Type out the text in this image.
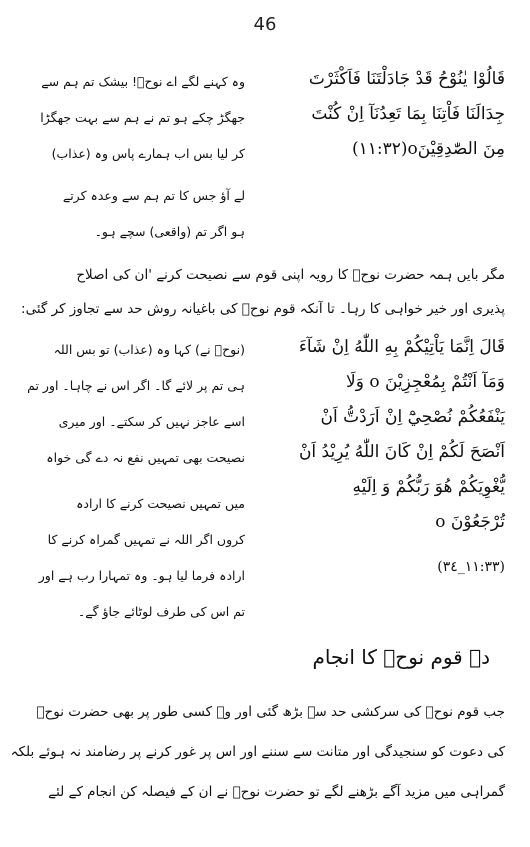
46
قَالُوْا يٰنُوْحُ قَدْ جَادَلْتَنَا فَاَكْثَرْتَ
جِدَالَنَا فَاْتِنَا بِمَا تَعِدُنَآ اِنْ كُنْتَ
مِنَ الصّٰدِقِيْنَo(١١:٣٢)
وہ کہنے لگے اے نوحؑ! بیشک تم ہم سے
جھگڑ چکے ہو تم نے ہم سے بہت جھگڑا
کر لیا بس اب ہمارے پاس وہ (عذاب)
لے آؤ جس کا تم ہم سے وعدہ کرتے
ہو اگر تم (واقعی) سچے ہو۔
مگر بایں ہمہ حضرت نوحؑ کا رویہ اپنی قوم سے نصیحت کرنے 'ان کی اصلاح
پذیری اور خیر خواہی کا رہا۔ تا آنکہ قوم نوحؑ کی باغیانہ روش حد سے تجاوز کر گئی:
قَالَ اِنَّمَا يَاْتِيْكُمْ بِهِ اللّٰهُ اِنْ شَآءَ
وَمَآ اَنْتُمْ بِمُعْجِزِيْنَ o وَلَا
يَنْفَعُكُمْ نُصْحِيْٓ اِنْ اَرَدْتُّ اَنْ
اَنْصَحَ لَكُمْ اِنْ كَانَ اللّٰهُ يُرِيْدُ اَنْ
يُّغْوِيَكُمْ هُوَ رَبُّكُمْ وَ اِلَيْهِ
تُرْجَعُوْنَ o
(١١:٣٣_٣٤)
(نوحؑ نے) کہا وہ (عذاب) تو بس اللہ
ہی تم پر لائے گا۔ اگر اس نے چاہا۔ اور تم
اسے عاجز نہیں کر سکتے۔ اور میری
نصیحت بھی تمہیں نفع نہ دے گی خواہ
میں تمہیں نصیحت کرنے کا ارادہ
کروں اگر اللہ نے تمہیں گمراہ کرنے کا
ارادہ فرما لیا ہو۔ وہ تمہارا رب ہے اور
تم اس کی طرف لوٹائے جاؤ گے۔
د۔ قوم نوحؑ کا انجام
جب قوم نوحؑ کی سرکشی حد سے بڑھ گئی اور وہ کسی طور پر بھی حضرت نوحؑ
کی دعوت کو سنجیدگی اور متانت سے سننے اور اس پر غور کرنے پر رضامند نہ ہوئے بلکہ
گمراہی میں مزید آگے بڑھنے لگے تو حضرت نوحؑ نے ان کے فیصلہ کن انجام کے لئے
